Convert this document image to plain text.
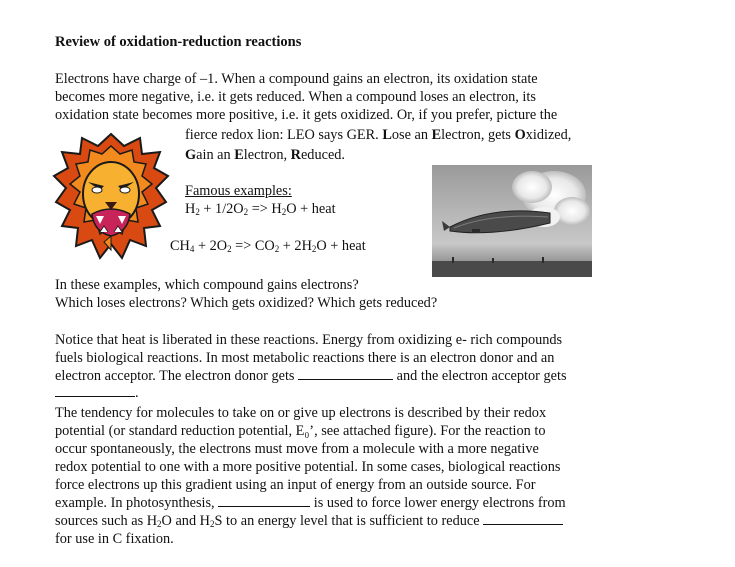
Review of oxidation-reduction reactions
Electrons have charge of –1. When a compound gains an electron, its oxidation state
becomes more negative, i.e. it gets reduced. When a compound loses an electron, its
oxidation state becomes more positive, i.e. it gets oxidized. Or, if you prefer, picture the
fierce redox lion: LEO says GER. Lose an Electron, gets Oxidized,
Gain an Electron, Reduced.
Famous examples:
$H_2 + 1/2O_2 => H_2O$ + heat
$CH_4 + 2O_2 => CO_2 + 2H_2O$ + heat
In these examples, which compound gains electrons?
Which loses electrons? Which gets oxidized? Which gets reduced?
Notice that heat is liberated in these reactions. Energy from oxidizing e- rich compounds
fuels biological reactions. In most metabolic reactions there is an electron donor and an
electron acceptor. The electron donor gets	and the electron acceptor gets
.
The tendency for molecules to take on or give up electrons is described by their redox
potential (or standard reduction potential, E₀’, see attached figure). For the reaction to
occur spontaneously, the electrons must move from a molecule with a more negative
redox potential to one with a more positive potential. In some cases, biological reactions
force electrons up this gradient using an input of energy from an outside source. For
example. In photosynthesis,	is used to force lower energy electrons from
sources such as $H_2O$ and $H_2S$ to an energy level that is sufficient to reduce
for use in C fixation.
